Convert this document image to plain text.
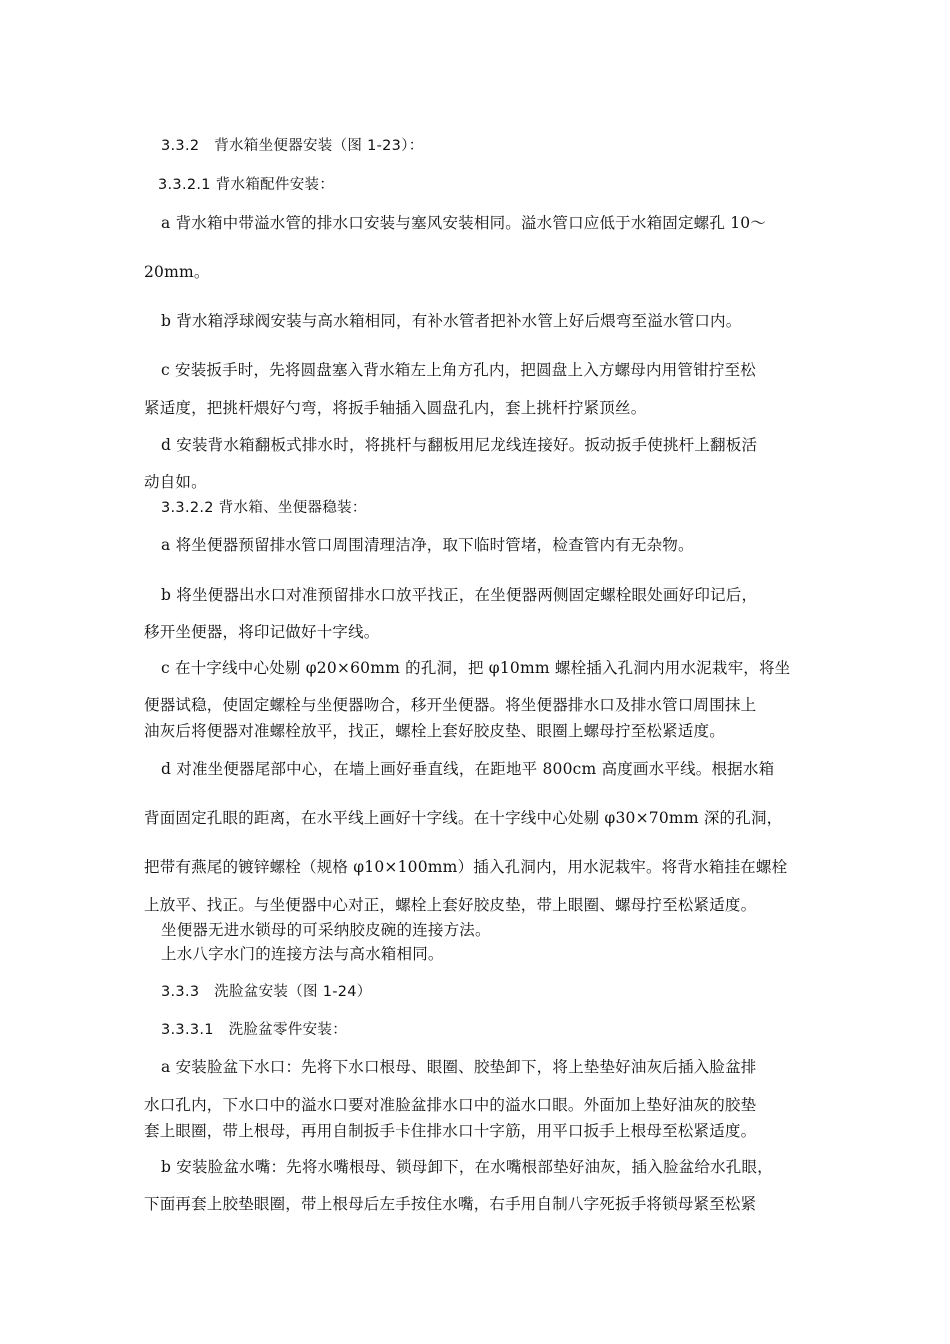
3.3.2　背水箱坐便器安装（图 1-23）：
3.3.2.1 背水箱配件安装：
a 背水箱中带溢水管的排水口安装与塞风安装相同。溢水管口应低于水箱固定螺孔 10～
20mm。
b 背水箱浮球阀安装与高水箱相同，有补水管者把补水管上好后煨弯至溢水管口内。
c 安装扳手时，先将圆盘塞入背水箱左上角方孔内，把圆盘上入方螺母内用管钳拧至松
紧适度，把挑杆煨好勺弯，将扳手轴插入圆盘孔内，套上挑杆拧紧顶丝。
d 安装背水箱翻板式排水时，将挑杆与翻板用尼龙线连接好。扳动扳手使挑杆上翻板活
动自如。
3.3.2.2 背水箱、坐便器稳装：
a 将坐便器预留排水管口周围清理洁净，取下临时管堵，检查管内有无杂物。
b 将坐便器出水口对准预留排水口放平找正，在坐便器两侧固定螺栓眼处画好印记后，
移开坐便器，将印记做好十字线。
c 在十字线中心处剔 φ20×60mm 的孔洞，把 φ10mm 螺栓插入孔洞内用水泥栽牢，将坐
便器试稳，使固定螺栓与坐便器吻合，移开坐便器。将坐便器排水口及排水管口周围抹上
油灰后将便器对准螺栓放平，找正，螺栓上套好胶皮垫、眼圈上螺母拧至松紧适度。
d 对准坐便器尾部中心，在墙上画好垂直线，在距地平 800cm 高度画水平线。根据水箱
背面固定孔眼的距离，在水平线上画好十字线。在十字线中心处剔 φ30×70mm 深的孔洞，
把带有燕尾的镀锌螺栓（规格 φ10×100mm）插入孔洞内，用水泥栽牢。将背水箱挂在螺栓
上放平、找正。与坐便器中心对正，螺栓上套好胶皮垫，带上眼圈、螺母拧至松紧适度。
坐便器无进水锁母的可采纳胶皮碗的连接方法。
上水八字水门的连接方法与高水箱相同。
3.3.3　洗脸盆安装（图 1-24）
3.3.3.1　洗脸盆零件安装：
a 安装脸盆下水口：先将下水口根母、眼圈、胶垫卸下，将上垫垫好油灰后插入脸盆排
水口孔内，下水口中的溢水口要对准脸盆排水口中的溢水口眼。外面加上垫好油灰的胶垫
套上眼圈，带上根母，再用自制扳手卡住排水口十字筋，用平口扳手上根母至松紧适度。
b 安装脸盆水嘴：先将水嘴根母、锁母卸下，在水嘴根部垫好油灰，插入脸盆给水孔眼，
下面再套上胶垫眼圈，带上根母后左手按住水嘴，右手用自制八字死扳手将锁母紧至松紧
